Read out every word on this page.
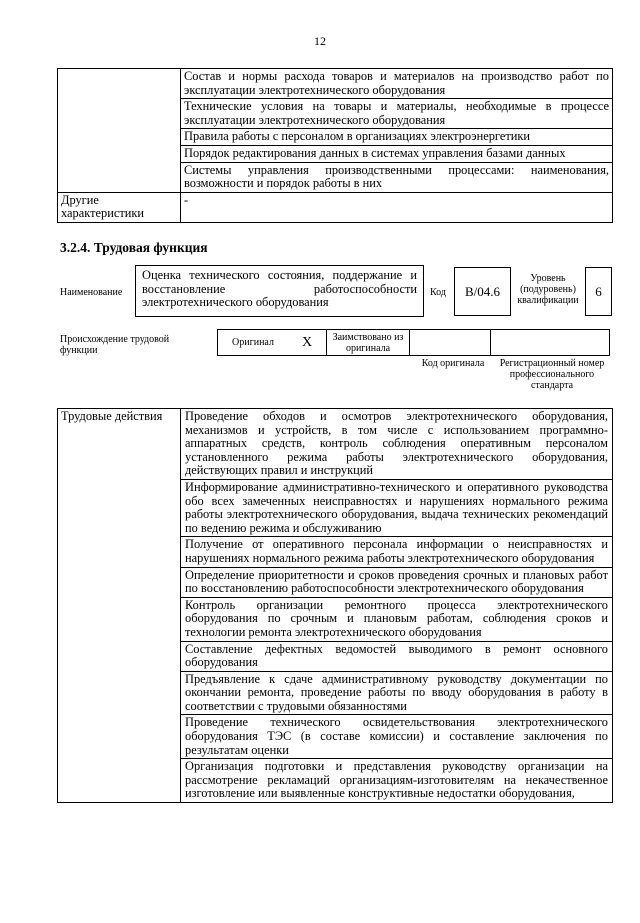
12
	Состав и нормы расхода товаров и материалов на производство работ по эксплуатации электротехнического оборудования
	Технические условия на товары и материалы, необходимые в процессе эксплуатации электротехнического оборудования
	Правила работы с персоналом в организациях электроэнергетики
	Порядок редактирования данных в системах управления базами данных
	Системы управления производственными процессами: наименования, возможности и порядок работы в них
Другие характеристики	-
3.2.4. Трудовая функция
Наименование
Оценка технического состояния, поддержание и восстановление работоспособности электротехнического оборудования
Код	В/04.6
Уровень (подуровень) квалификации
6
Происхождение трудовой функции
Оригинал	Х	Заимствовано из оригинала		
Код оригинала	Регистрационный номер профессионального стандарта
Трудовые действия	Проведение обходов и осмотров электротехнического оборудования, механизмов и устройств, в том числе с использованием программно-аппаратных средств, контроль соблюдения оперативным персоналом установленного режима работы электротехнического оборудования, действующих правил и инструкций
Информирование административно-технического и оперативного руководства обо всех замеченных неисправностях и нарушениях нормального режима работы электротехнического оборудования, выдача технических рекомендаций по ведению режима и обслуживанию
Получение от оперативного персонала информации о неисправностях и нарушениях нормального режима работы электротехнического оборудования
Определение приоритетности и сроков проведения срочных и плановых работ по восстановлению работоспособности электротехнического оборудования
Контроль организации ремонтного процесса электротехнического оборудования по срочным и плановым работам, соблюдения сроков и технологии ремонта электротехнического оборудования
Составление дефектных ведомостей выводимого в ремонт основного оборудования
Предъявление к сдаче административному руководству документации по окончании ремонта, проведение работы по вводу оборудования в работу в соответствии с трудовыми обязанностями
Проведение технического освидетельствования электротехнического оборудования ТЭС (в составе комиссии) и составление заключения по результатам оценки
Организация подготовки и представления руководству организации на рассмотрение рекламаций организациям-изготовителям на некачественное изготовление или выявленные конструктивные недостатки оборудования,
